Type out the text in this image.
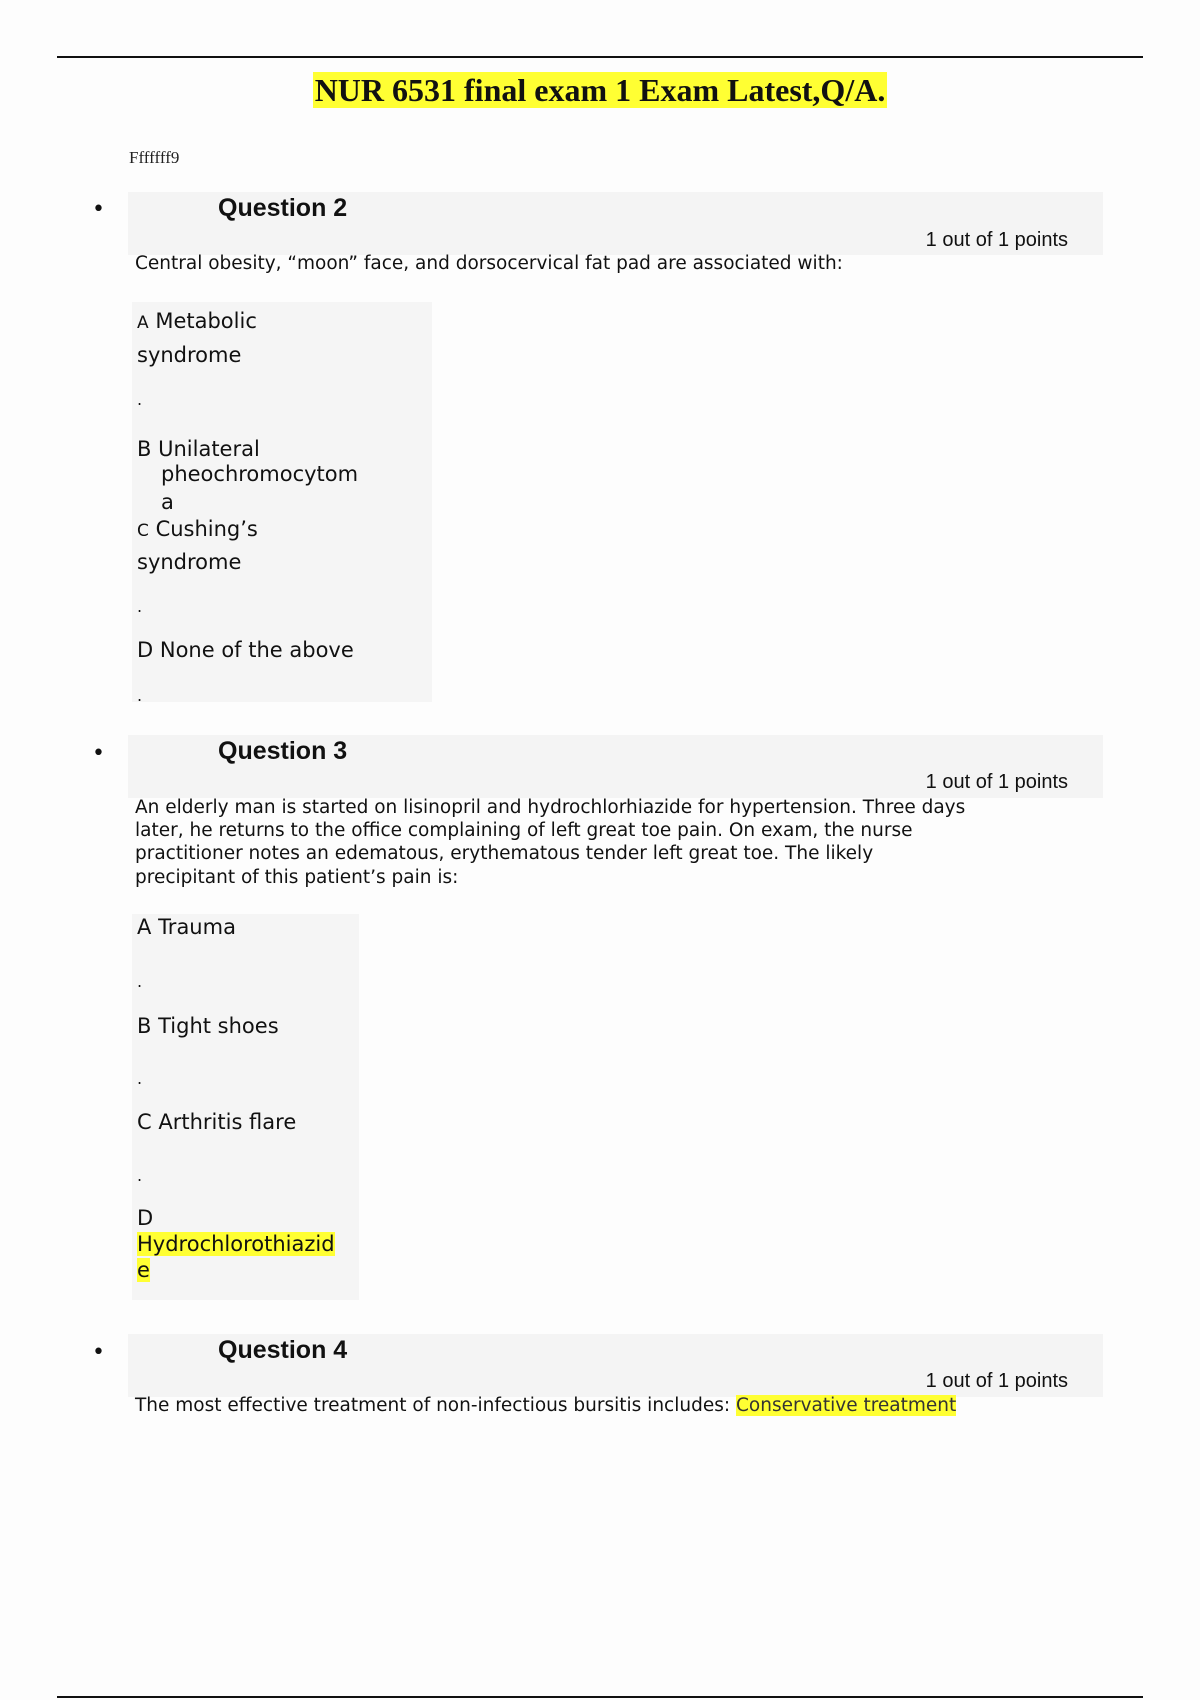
NUR 6531 final exam 1 Exam Latest,Q/A.
Fffffff9
•	Question 2
1 out of 1 points
Central obesity, “moon” face, and dorsocervical fat pad are associated with:
A Metabolic
syndrome
.
B Unilateral
pheochromocytom
a
C Cushing’s
syndrome
.
D None of the above
.
•	Question 3
1 out of 1 points
An elderly man is started on lisinopril and hydrochlorhiazide for hypertension. Three days
later, he returns to the office complaining of left great toe pain. On exam, the nurse
practitioner notes an edematous, erythematous tender left great toe. The likely
precipitant of this patient’s pain is:
A Trauma
.
B Tight shoes
.
C Arthritis flare
.
D
Hydrochlorothiazid
e
•	Question 4
1 out of 1 points
The most effective treatment of non-infectious bursitis includes: Conservative treatment
